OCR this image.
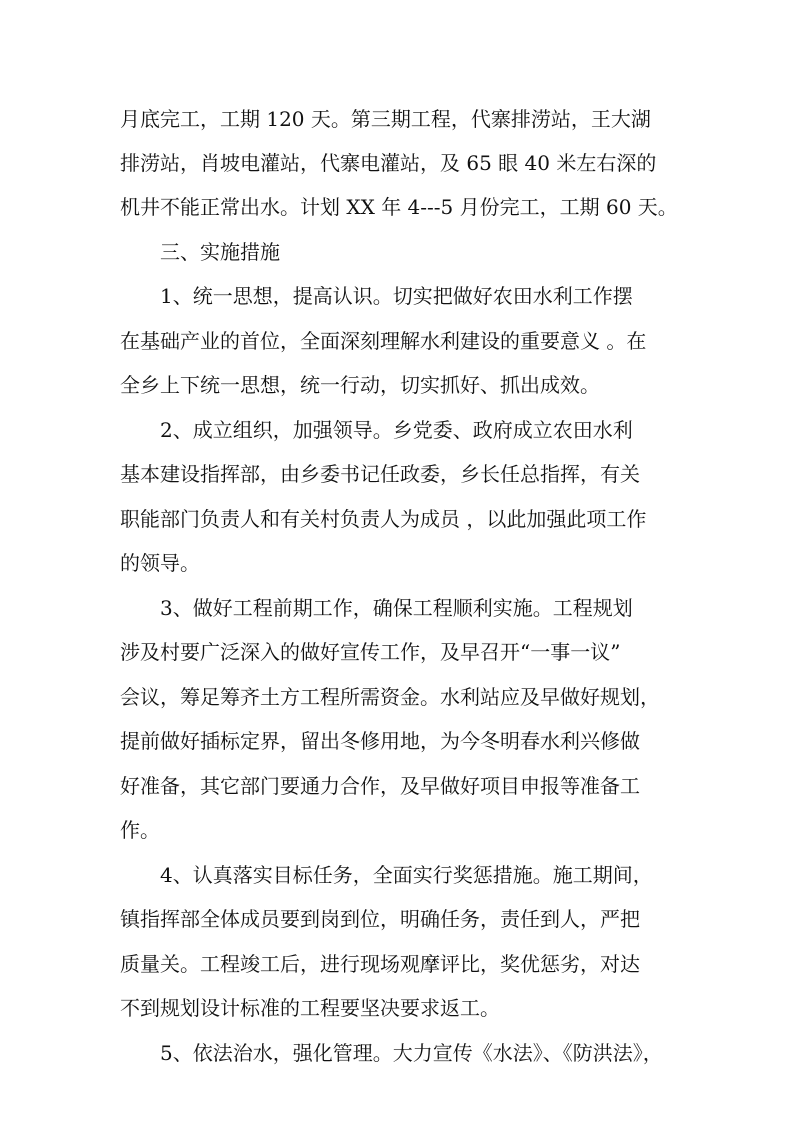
月底完工，工期 120 天。第三期工程，代寨排涝站，王大湖
排涝站，肖坡电灌站，代寨电灌站，及 65 眼 40 米左右深的
机井不能正常出水。计划 XX 年 4---5 月份完工，工期 60 天。
三、实施措施
1、统一思想，提高认识。切实把做好农田水利工作摆
在基础产业的首位，全面深刻理解水利建设的重要意义 。在
全乡上下统一思想，统一行动，切实抓好、抓出成效。
2、成立组织，加强领导。乡党委、政府成立农田水利
基本建设指挥部，由乡委书记任政委，乡长任总指挥，有关
职能部门负责人和有关村负责人为成员 ，以此加强此项工作
的领导。
3、做好工程前期工作，确保工程顺利实施。工程规划
涉及村要广泛深入的做好宣传工作，及早召开“一事一议”
会议，筹足筹齐土方工程所需资金。水利站应及早做好规划，
提前做好插标定界，留出冬修用地，为今冬明春水利兴修做
好准备，其它部门要通力合作，及早做好项目申报等准备工
作。
4、认真落实目标任务，全面实行奖惩措施。施工期间，
镇指挥部全体成员要到岗到位，明确任务，责任到人，严把
质量关。工程竣工后，进行现场观摩评比，奖优惩劣，对达
不到规划设计标准的工程要坚决要求返工。
5、依法治水，强化管理。大力宣传《水法》、《防洪法》，
